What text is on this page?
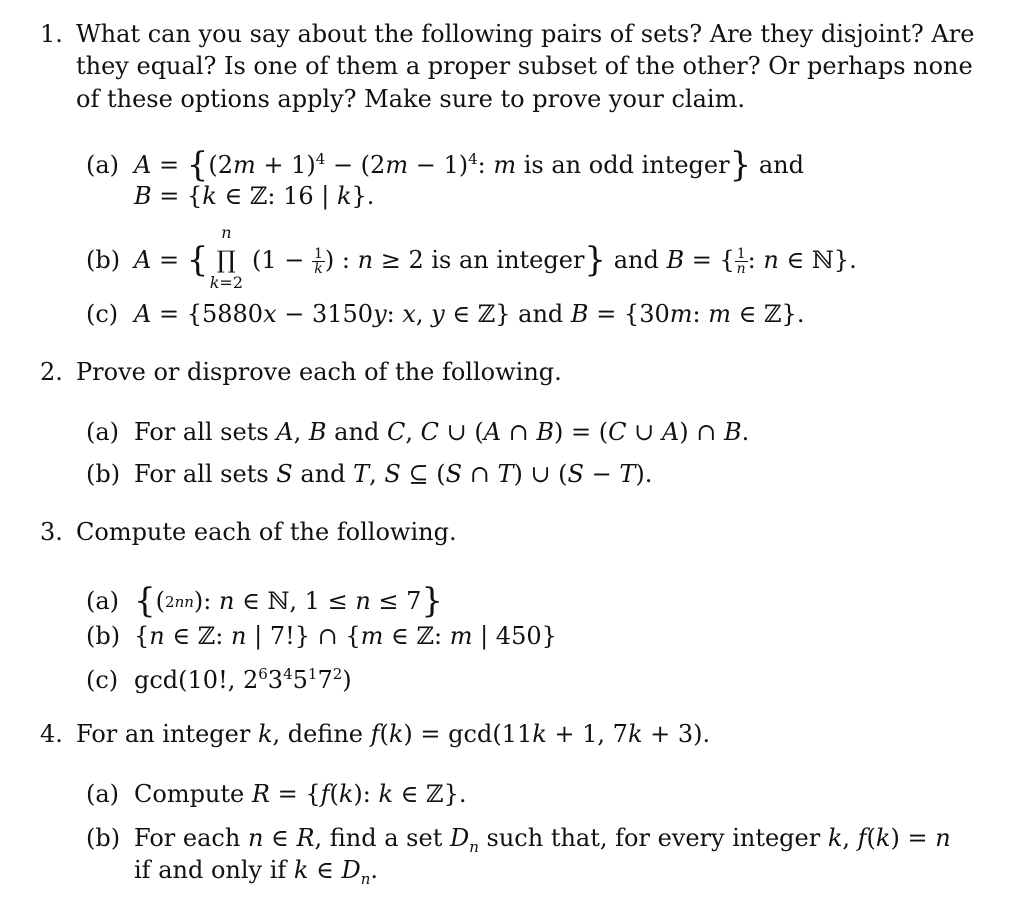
1. What can you say about the following pairs of sets? Are they disjoint? Are they equal? Is one of them a proper subset of the other? Or perhaps none of these options apply? Make sure to prove your claim.
(a) $A = \{(2m + 1)^4 - (2m - 1)^4$: m is an odd integer} and
B = {k ∈ ℤ: 16 | k}.
(b) A = {
n
∏
k=2
($1 - \frac{1}{k}$ ) : n ≥ 2 is an integer} and B = { $\frac{1}{n}$ : n ∈ ℕ}.
(c) A = {5880x − 3150y: x, y ∈ ℤ} and B = {30m: m ∈ ℤ}.
2. Prove or disprove each of the following.
(a) For all sets A, B and C, C ∪ (A ∩ B) = (C ∪ A) ∩ B.
(b) For all sets S and T, S ⊆ (S ∩ T) ∪ (S − T).
3. Compute each of the following.
(a) {(2nn): n ∈ ℕ, 1 ≤ n ≤ 7}
(b) {n ∈ ℤ: n | 7!} ∩ {m ∈ ℤ: m | 450}
(c) gcd(10!, $2^63^45^17^2$)
4. For an integer k, define f(k) = gcd(11k + 1, 7k + 3).
(a) Compute R = {f(k): k ∈ ℤ}.
(b) For each n ∈ R, find a set $D_n$ such that, for every integer k, f(k) = n
if and only if k ∈ $D_n$.
